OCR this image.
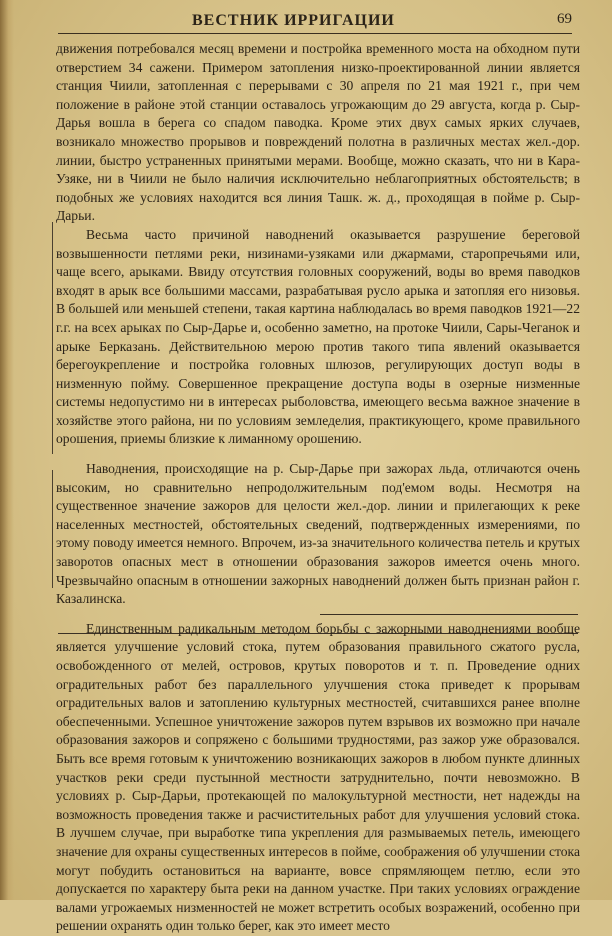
ВЕСТНИК ИРРИГАЦИИ	69

движения потребовался месяц времени и постройка временного моста на обходном пути отверстием 34 сажени. Примером затопления низко-проектированной линии является станция Чиили, затопленная с перерывами с 30 апреля по 21 мая 1921 г., при чем положение в районе этой станции оставалось угрожающим до 29 августа, когда р. Сыр-Дарья вошла в берега со спадом паводка. Кроме этих двух самых ярких случаев, возникало множество прорывов и повреждений полотна в различных местах жел.-дор. линии, быстро устраненных принятыми мерами. Вообще, можно сказать, что ни в Кара-Узяке, ни в Чиили не было наличия исключительно неблагоприятных обстоятельств; в подобных же условиях находится вся линия Ташк. ж. д., проходящая в пойме р. Сыр-Дарьи.

Весьма часто причиной наводнений оказывается разрушение береговой возвышенности петлями реки, низинами-узяками или джармами, старопречьями или, чаще всего, арыками. Ввиду отсутствия головных сооружений, воды во время паводков входят в арык все большими массами, разрабатывая русло арыка и затопляя его низовья. В большей или меньшей степени, такая картина наблюдалась во время паводков 1921—22 г.г. на всех арыках по Сыр-Дарье и, особенно заметно, на протоке Чиили, Сары-Чеганок и арыке Берказань. Действительною мерою против такого типа явлений оказывается берегоукрепление и постройка головных шлюзов, регулирующих доступ воды в низменную пойму. Совершенное прекращение доступа воды в озерные низменные системы недопустимо ни в интересах рыболовства, имеющего весьма важное значение в хозяйстве этого района, ни по условиям земледелия, практикующего, кроме правильного орошения, приемы близкие к лиманному орошению.

Наводнения, происходящие на р. Сыр-Дарье при зажорах льда, отличаются очень высоким, но сравнительно непродолжительным под'емом воды. Несмотря на существенное значение зажоров для целости жел.-дор. линии и прилегающих к реке населенных местностей, обстоятельных сведений, подтвержденных измерениями, по этому поводу имеется немного. Впрочем, из-за значительного количества петель и крутых заворотов опасных мест в отношении образования зажоров имеется очень много. Чрезвычайно опасным в отношении зажорных наводнений должен быть признан район г. Казалинска.

Единственным радикальным методом борьбы с зажорными наводнениями вообще является улучшение условий стока, путем образования правильного сжатого русла, освобожденного от мелей, островов, крутых поворотов и т. п. Проведение одних оградительных работ без параллельного улучшения стока приведет к прорывам оградительных валов и затоплению культурных местностей, считавшихся ранее вполне обеспеченными. Успешное уничтожение зажоров путем взрывов их возможно при начале образования зажоров и сопряжено с большими трудностями, раз зажор уже образовался. Быть все время готовым к уничтожению возникающих зажоров в любом пункте длинных участков реки среди пустынной местности затруднительно, почти невозможно. В условиях р. Сыр-Дарьи, протекающей по малокультурной местности, нет надежды на возможность проведения также и расчистительных работ для улучшения условий стока. В лучшем случае, при выработке типа укрепления для размываемых петель, имеющего значение для охраны существенных интересов в пойме, соображения об улучшении стока могут побудить остановиться на варианте, вовсе спрямляющем петлю, если это допускается по характеру быта реки на данном участке. При таких условиях ограждение валами угрожаемых низменностей не может встретить особых возражений, особенно при решении охранять один только берег, как это имеет место
